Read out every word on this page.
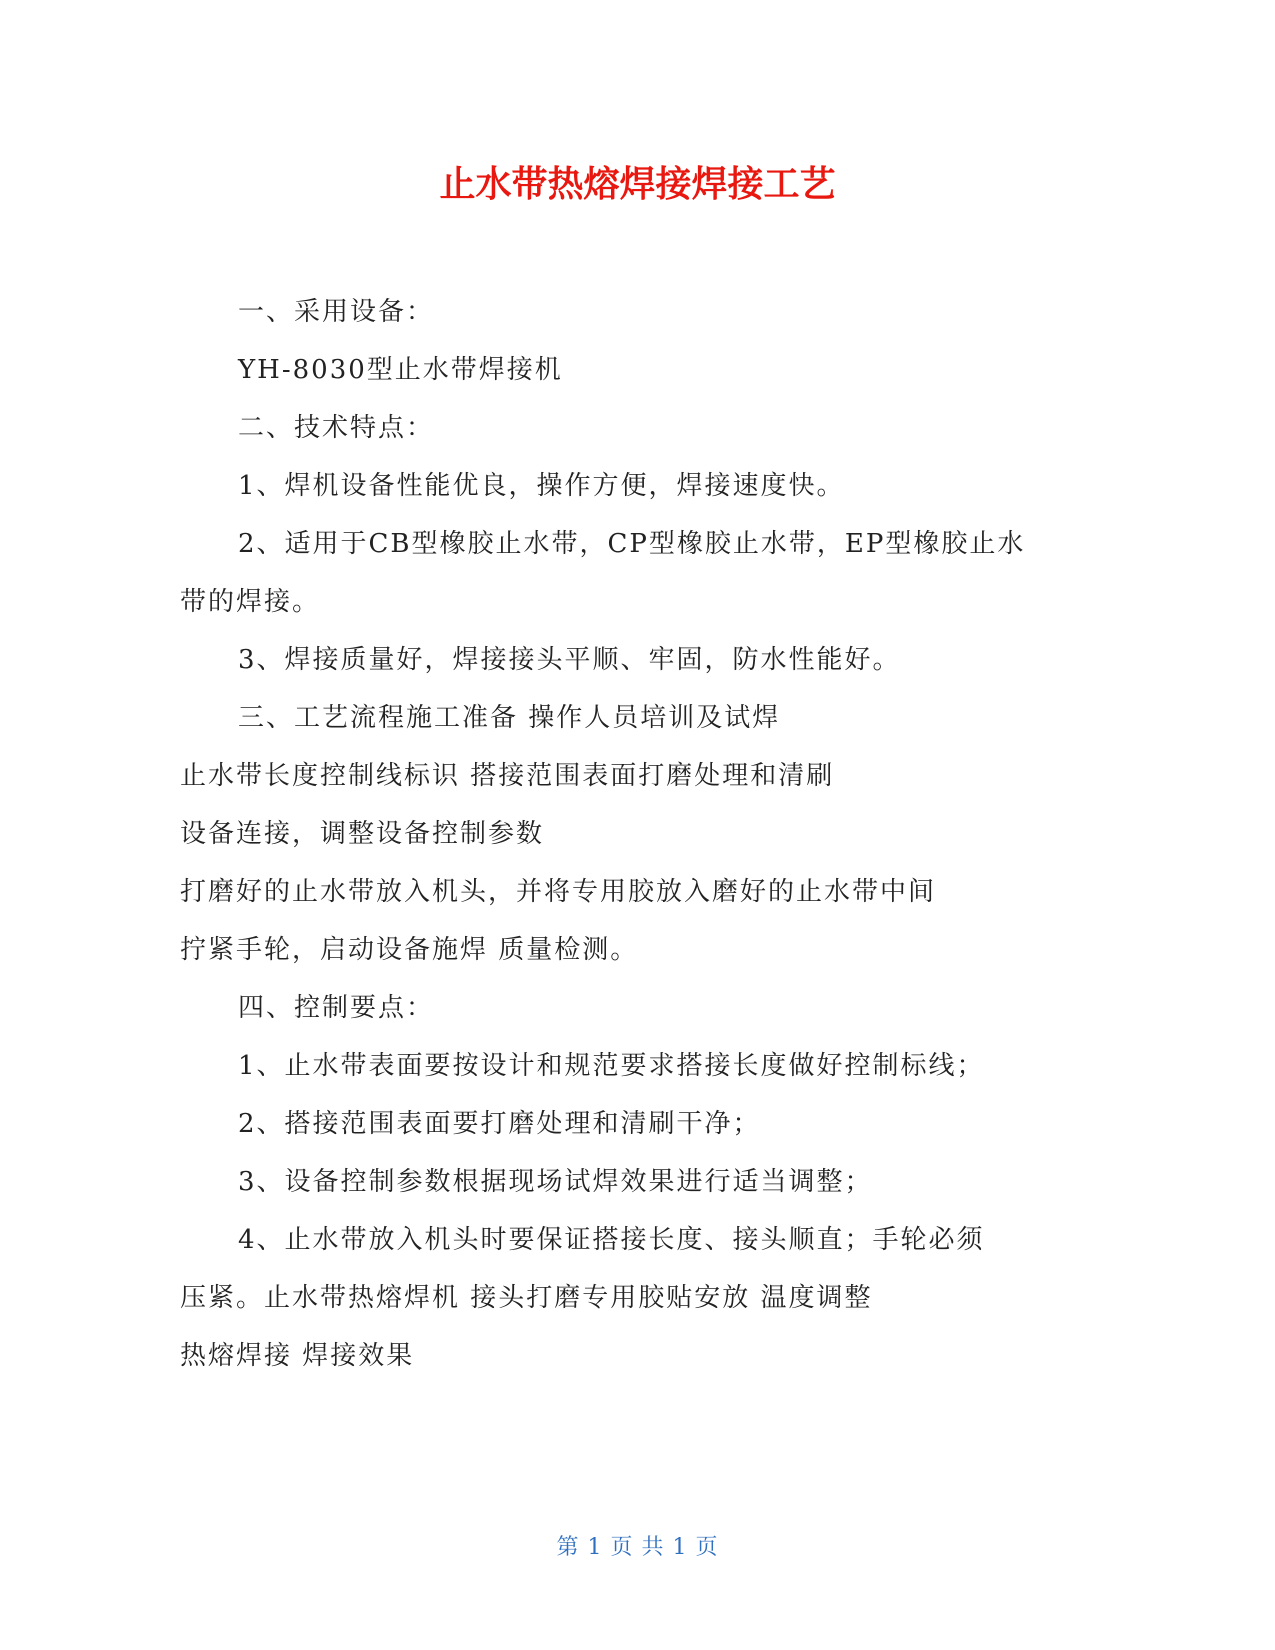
止水带热熔焊接焊接工艺

一、采用设备：

YH-8030型止水带焊接机

二、技术特点：

1、焊机设备性能优良，操作方便，焊接速度快。

2、适用于CB型橡胶止水带，CP型橡胶止水带，EP型橡胶止水

带的焊接。

3、焊接质量好，焊接接头平顺、牢固，防水性能好。

三、工艺流程施工准备 操作人员培训及试焊

止水带长度控制线标识 搭接范围表面打磨处理和清刷

设备连接，调整设备控制参数

打磨好的止水带放入机头，并将专用胶放入磨好的止水带中间

拧紧手轮，启动设备施焊 质量检测。

四、控制要点：

1、止水带表面要按设计和规范要求搭接长度做好控制标线；

2、搭接范围表面要打磨处理和清刷干净；

3、设备控制参数根据现场试焊效果进行适当调整；

4、止水带放入机头时要保证搭接长度、接头顺直；手轮必须

压紧。止水带热熔焊机 接头打磨专用胶贴安放 温度调整

热熔焊接 焊接效果

第 1 页 共 1 页
